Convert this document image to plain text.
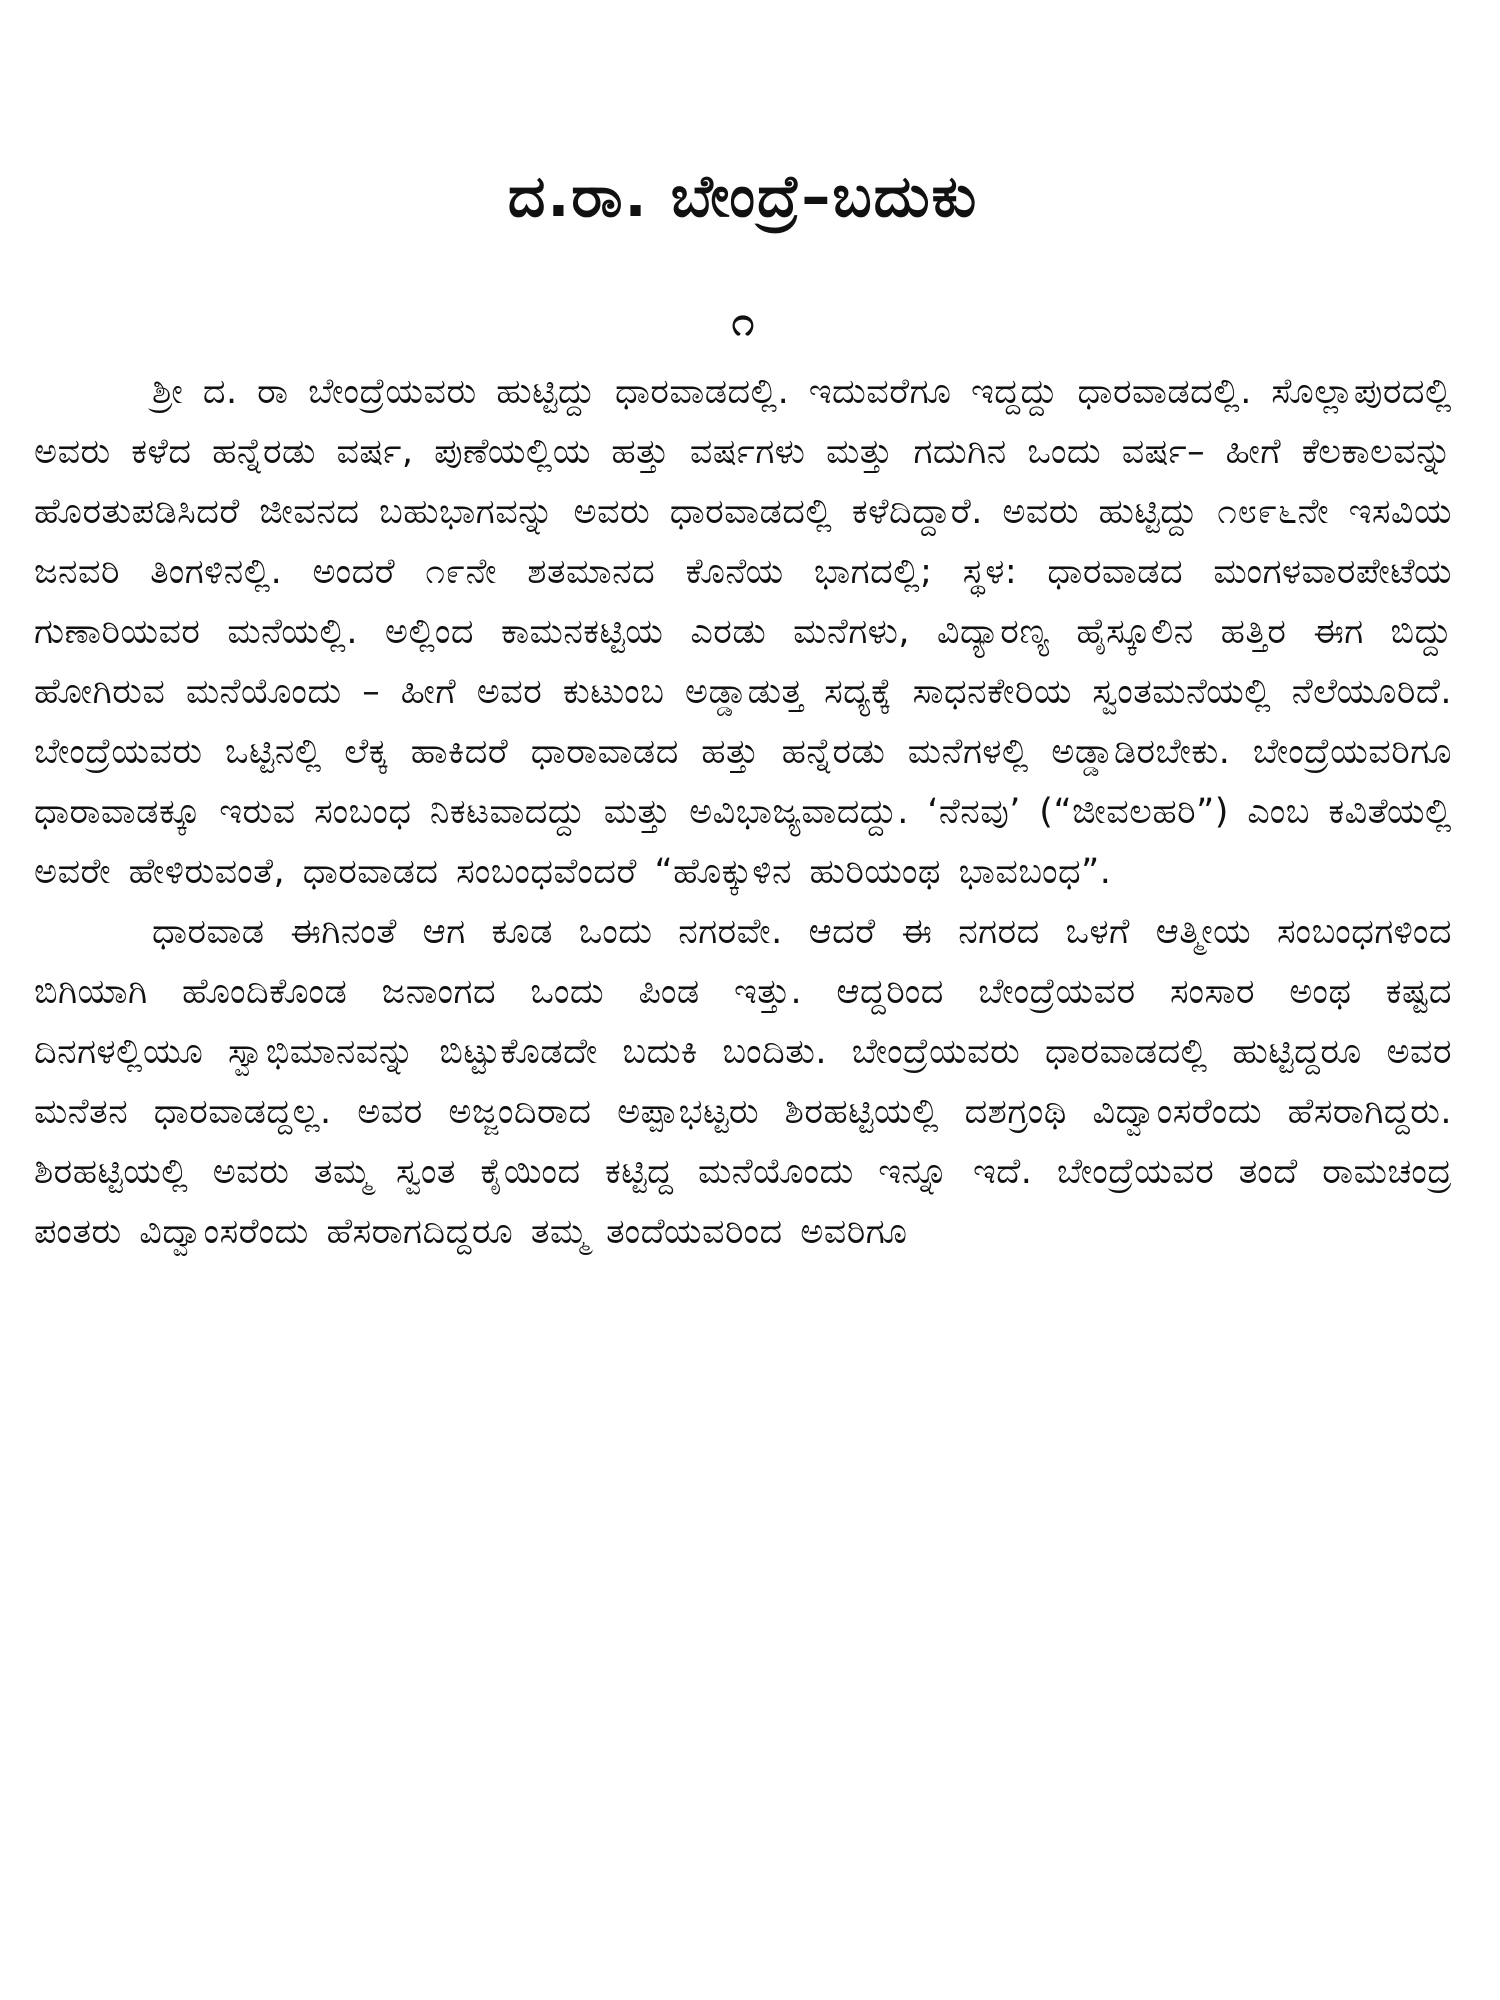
ದ.ರಾ. ಬೇಂದ್ರೆ–ಬದುಕು
೧

ಶ್ರೀ ದ. ರಾ ಬೇಂದ್ರೆಯವರು ಹುಟ್ಟಿದ್ದು ಧಾರವಾಡದಲ್ಲಿ. ಇದುವರೆಗೂ ಇದ್ದದ್ದು ಧಾರವಾಡದಲ್ಲಿ. ಸೊಲ್ಲಾಪುರದಲ್ಲಿ ಅವರು ಕಳೆದ ಹನ್ನೆರಡು ವರ್ಷ, ಪುಣೆಯಲ್ಲಿಯ ಹತ್ತು ವರ್ಷಗಳು ಮತ್ತು ಗದುಗಿನ ಒಂದು ವರ್ಷ– ಹೀಗೆ ಕೆಲಕಾಲವನ್ನು ಹೊರತುಪಡಿಸಿದರೆ ಜೀವನದ ಬಹುಭಾಗವನ್ನು ಅವರು ಧಾರವಾಡದಲ್ಲಿ ಕಳೆದಿದ್ದಾರೆ. ಅವರು ಹುಟ್ಟಿದ್ದು ೧೮೯೬ನೇ ಇಸವಿಯ ಜನವರಿ ತಿಂಗಳಿನಲ್ಲಿ. ಅಂದರೆ ೧೯ನೇ ಶತಮಾನದ ಕೊನೆಯ ಭಾಗದಲ್ಲಿ; ಸ್ಥಳ: ಧಾರವಾಡದ ಮಂಗಳವಾರಪೇಟೆಯ ಗುಣಾರಿಯವರ ಮನೆಯಲ್ಲಿ. ಅಲ್ಲಿಂದ ಕಾಮನಕಟ್ಟಿಯ ಎರಡು ಮನೆಗಳು, ವಿದ್ಯಾರಣ್ಯ ಹೈಸ್ಕೂಲಿನ ಹತ್ತಿರ ಈಗ ಬಿದ್ದು ಹೋಗಿರುವ ಮನೆಯೊಂದು – ಹೀಗೆ ಅವರ ಕುಟುಂಬ ಅಡ್ಡಾಡುತ್ತ ಸದ್ಯಕ್ಕೆ ಸಾಧನಕೇರಿಯ ಸ್ವಂತಮನೆಯಲ್ಲಿ ನೆಲೆಯೂರಿದೆ. ಬೇಂದ್ರೆಯವರು ಒಟ್ಟಿನಲ್ಲಿ ಲೆಕ್ಕ ಹಾಕಿದರೆ ಧಾರಾವಾಡದ ಹತ್ತು ಹನ್ನೆರಡು ಮನೆಗಳಲ್ಲಿ ಅಡ್ಡಾಡಿರಬೇಕು. ಬೇಂದ್ರೆಯವರಿಗೂ ಧಾರಾವಾಡಕ್ಕೂ ಇರುವ ಸಂಬಂಧ ನಿಕಟವಾದದ್ದು ಮತ್ತು ಅವಿಭಾಜ್ಯವಾದದ್ದು. ‘ನೆನವು’ (“ಜೀವಲಹರಿ”) ಎಂಬ ಕವಿತೆಯಲ್ಲಿ ಅವರೇ ಹೇಳಿರುವಂತೆ, ಧಾರವಾಡದ ಸಂಬಂಧವೆಂದರೆ “ಹೊಕ್ಕುಳಿನ ಹುರಿಯಂಥ ಭಾವಬಂಧ”.

ಧಾರವಾಡ ಈಗಿನಂತೆ ಆಗ ಕೂಡ ಒಂದು ನಗರವೇ. ಆದರೆ ಈ ನಗರದ ಒಳಗೆ ಆತ್ಮೀಯ ಸಂಬಂಧಗಳಿಂದ ಬಿಗಿಯಾಗಿ ಹೊಂದಿಕೊಂಡ ಜನಾಂಗದ ಒಂದು ಪಿಂಡ ಇತ್ತು. ಆದ್ದರಿಂದ ಬೇಂದ್ರೆಯವರ ಸಂಸಾರ ಅಂಥ ಕಷ್ಟದ ದಿನಗಳಲ್ಲಿಯೂ ಸ್ವಾಭಿಮಾನವನ್ನು ಬಿಟ್ಟುಕೊಡದೇ ಬದುಕಿ ಬಂದಿತು. ಬೇಂದ್ರೆಯವರು ಧಾರವಾಡದಲ್ಲಿ ಹುಟ್ಟಿದ್ದರೂ ಅವರ ಮನೆತನ ಧಾರವಾಡದ್ದಲ್ಲ. ಅವರ ಅಜ್ಜಂದಿರಾದ ಅಪ್ಪಾಭಟ್ಟರು ಶಿರಹಟ್ಟಿಯಲ್ಲಿ ದಶಗ್ರಂಥಿ ವಿದ್ವಾಂಸರೆಂದು ಹೆಸರಾಗಿದ್ದರು. ಶಿರಹಟ್ಟಿಯಲ್ಲಿ ಅವರು ತಮ್ಮ ಸ್ವಂತ ಕೈಯಿಂದ ಕಟ್ಟಿದ್ದ ಮನೆಯೊಂದು ಇನ್ನೂ ಇದೆ. ಬೇಂದ್ರೆಯವರ ತಂದೆ ರಾಮಚಂದ್ರ ಪಂತರು ವಿದ್ವಾಂಸರೆಂದು ಹೆಸರಾಗದಿದ್ದರೂ ತಮ್ಮ ತಂದೆಯವರಿಂದ ಅವರಿಗೂ
